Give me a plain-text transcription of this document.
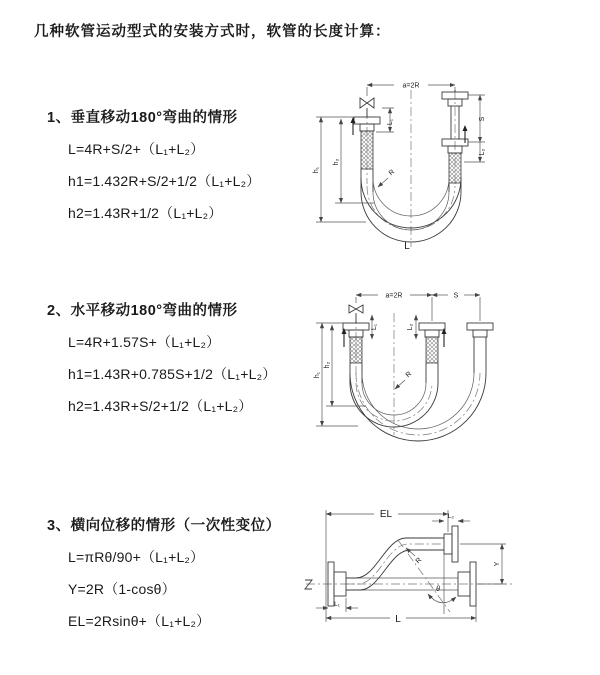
几种软管运动型式的安装方式时，软管的长度计算：

1、垂直移动180°弯曲的情形

L=4R+S/2+（L₁+L₂）

h1=1.432R+S/2+1/2（L₁+L₂）

h2=1.43R+1/2（L₁+L₂）

2、水平移动180°弯曲的情形

L=4R+1.57S+（L₁+L₂）

h1=1.43R+0.785S+1/2（L₁+L₂）

h2=1.43R+S/2+1/2（L₁+L₂）

3、横向位移的情形（一次性变位）

L=πRθ/90+（L₁+L₂）

Y=2R（1-cosθ）

EL=2Rsinθ+（L₁+L₂）

a=2R
L₁	S
L₂
h₁
h₂
R
L
a=2R	S
L₁	L₂
h₁
h₂
R
EL	L₂
Y
θ
R
L
L₁
